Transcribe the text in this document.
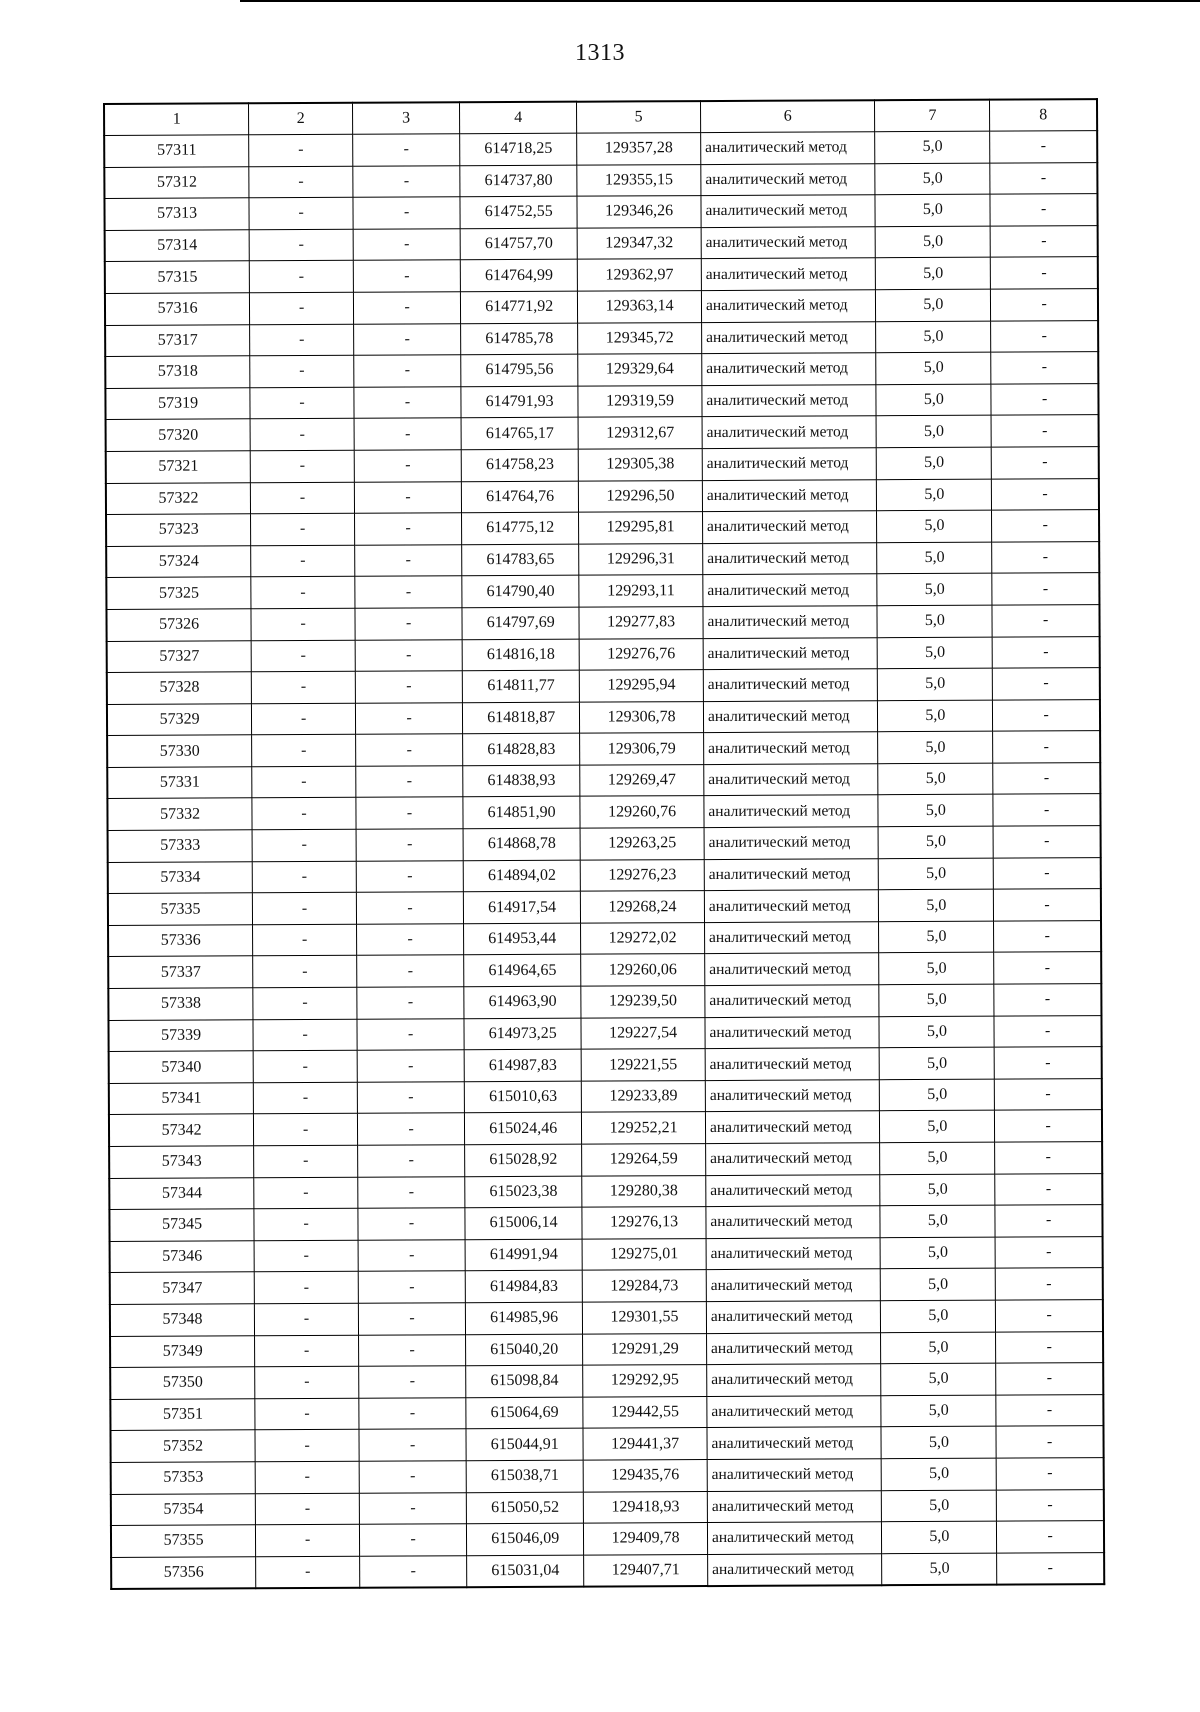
1313
1	2	3	4	5	6	7	8
57311	-	-	614718,25	129357,28	аналитический метод	5,0	-
57312	-	-	614737,80	129355,15	аналитический метод	5,0	-
57313	-	-	614752,55	129346,26	аналитический метод	5,0	-
57314	-	-	614757,70	129347,32	аналитический метод	5,0	-
57315	-	-	614764,99	129362,97	аналитический метод	5,0	-
57316	-	-	614771,92	129363,14	аналитический метод	5,0	-
57317	-	-	614785,78	129345,72	аналитический метод	5,0	-
57318	-	-	614795,56	129329,64	аналитический метод	5,0	-
57319	-	-	614791,93	129319,59	аналитический метод	5,0	-
57320	-	-	614765,17	129312,67	аналитический метод	5,0	-
57321	-	-	614758,23	129305,38	аналитический метод	5,0	-
57322	-	-	614764,76	129296,50	аналитический метод	5,0	-
57323	-	-	614775,12	129295,81	аналитический метод	5,0	-
57324	-	-	614783,65	129296,31	аналитический метод	5,0	-
57325	-	-	614790,40	129293,11	аналитический метод	5,0	-
57326	-	-	614797,69	129277,83	аналитический метод	5,0	-
57327	-	-	614816,18	129276,76	аналитический метод	5,0	-
57328	-	-	614811,77	129295,94	аналитический метод	5,0	-
57329	-	-	614818,87	129306,78	аналитический метод	5,0	-
57330	-	-	614828,83	129306,79	аналитический метод	5,0	-
57331	-	-	614838,93	129269,47	аналитический метод	5,0	-
57332	-	-	614851,90	129260,76	аналитический метод	5,0	-
57333	-	-	614868,78	129263,25	аналитический метод	5,0	-
57334	-	-	614894,02	129276,23	аналитический метод	5,0	-
57335	-	-	614917,54	129268,24	аналитический метод	5,0	-
57336	-	-	614953,44	129272,02	аналитический метод	5,0	-
57337	-	-	614964,65	129260,06	аналитический метод	5,0	-
57338	-	-	614963,90	129239,50	аналитический метод	5,0	-
57339	-	-	614973,25	129227,54	аналитический метод	5,0	-
57340	-	-	614987,83	129221,55	аналитический метод	5,0	-
57341	-	-	615010,63	129233,89	аналитический метод	5,0	-
57342	-	-	615024,46	129252,21	аналитический метод	5,0	-
57343	-	-	615028,92	129264,59	аналитический метод	5,0	-
57344	-	-	615023,38	129280,38	аналитический метод	5,0	-
57345	-	-	615006,14	129276,13	аналитический метод	5,0	-
57346	-	-	614991,94	129275,01	аналитический метод	5,0	-
57347	-	-	614984,83	129284,73	аналитический метод	5,0	-
57348	-	-	614985,96	129301,55	аналитический метод	5,0	-
57349	-	-	615040,20	129291,29	аналитический метод	5,0	-
57350	-	-	615098,84	129292,95	аналитический метод	5,0	-
57351	-	-	615064,69	129442,55	аналитический метод	5,0	-
57352	-	-	615044,91	129441,37	аналитический метод	5,0	-
57353	-	-	615038,71	129435,76	аналитический метод	5,0	-
57354	-	-	615050,52	129418,93	аналитический метод	5,0	-
57355	-	-	615046,09	129409,78	аналитический метод	5,0	-
57356	-	-	615031,04	129407,71	аналитический метод	5,0	-
